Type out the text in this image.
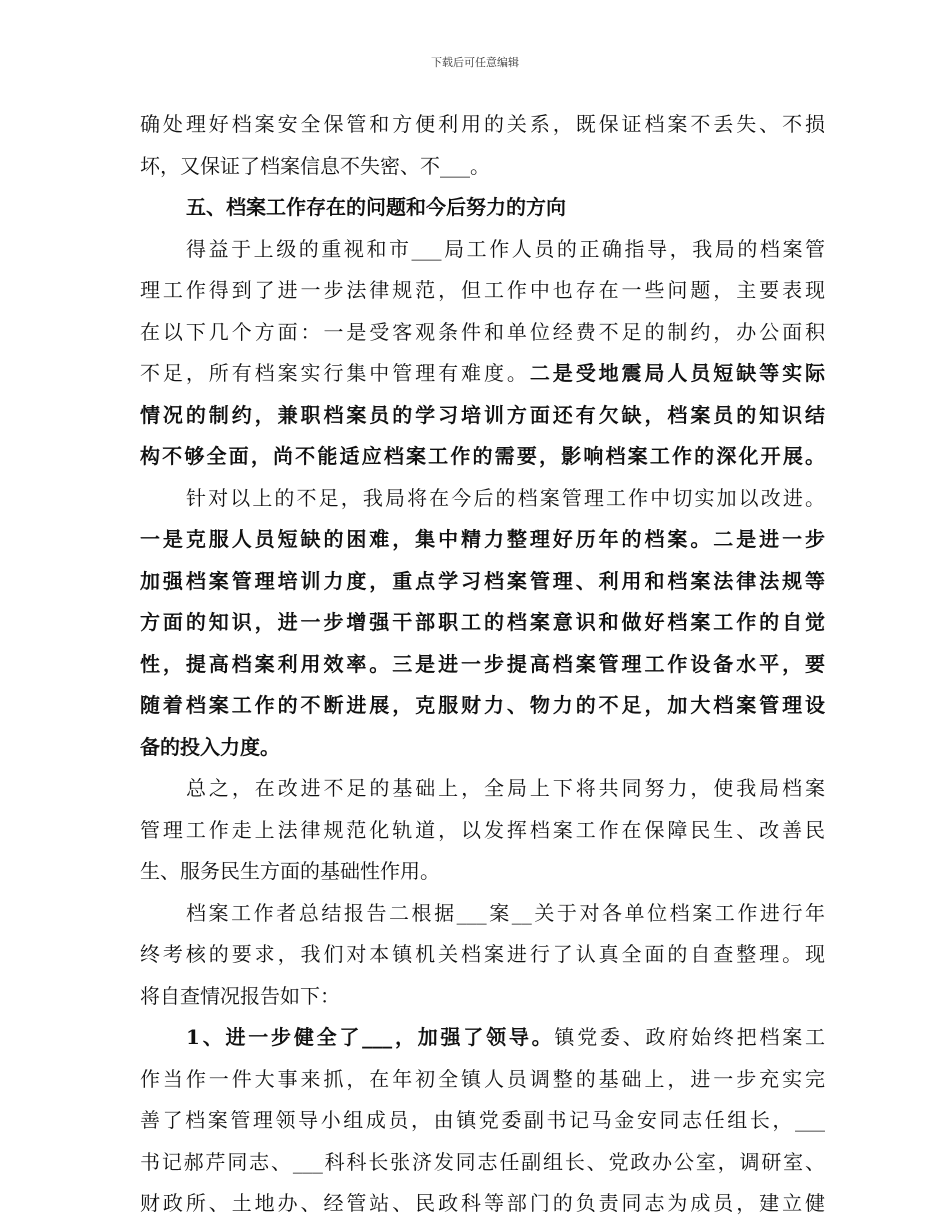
下载后可任意编辑
确处理好档案安全保管和方便利用的关系，既保证档案不丢失、不损
坏，又保证了档案信息不失密、不___。
五、档案工作存在的问题和今后努力的方向
得益于上级的重视和市___局工作人员的正确指导，我局的档案管
理工作得到了进一步法律规范，但工作中也存在一些问题，主要表现
在以下几个方面：一是受客观条件和单位经费不足的制约，办公面积
不足，所有档案实行集中管理有难度。二是受地震局人员短缺等实际
情况的制约，兼职档案员的学习培训方面还有欠缺，档案员的知识结
构不够全面，尚不能适应档案工作的需要，影响档案工作的深化开展。
针对以上的不足，我局将在今后的档案管理工作中切实加以改进。
一是克服人员短缺的困难，集中精力整理好历年的档案。二是进一步
加强档案管理培训力度，重点学习档案管理、利用和档案法律法规等
方面的知识，进一步增强干部职工的档案意识和做好档案工作的自觉
性，提高档案利用效率。三是进一步提高档案管理工作设备水平，要
随着档案工作的不断进展，克服财力、物力的不足，加大档案管理设
备的投入力度。
总之，在改进不足的基础上，全局上下将共同努力，使我局档案
管理工作走上法律规范化轨道，以发挥档案工作在保障民生、改善民
生、服务民生方面的基础性作用。
档案工作者总结报告二根据___案__关于对各单位档案工作进行年
终考核的要求，我们对本镇机关档案进行了认真全面的自查整理。现
将自查情况报告如下：
1、进一步健全了___，加强了领导。镇党委、政府始终把档案工
作当作一件大事来抓，在年初全镇人员调整的基础上，进一步充实完
善了档案管理领导小组成员，由镇党委副书记马金安同志任组长，___
书记郝芹同志、___科科长张济发同志任副组长、党政办公室，调研室、
财政所、土地办、经管站、民政科等部门的负责同志为成员，建立健
